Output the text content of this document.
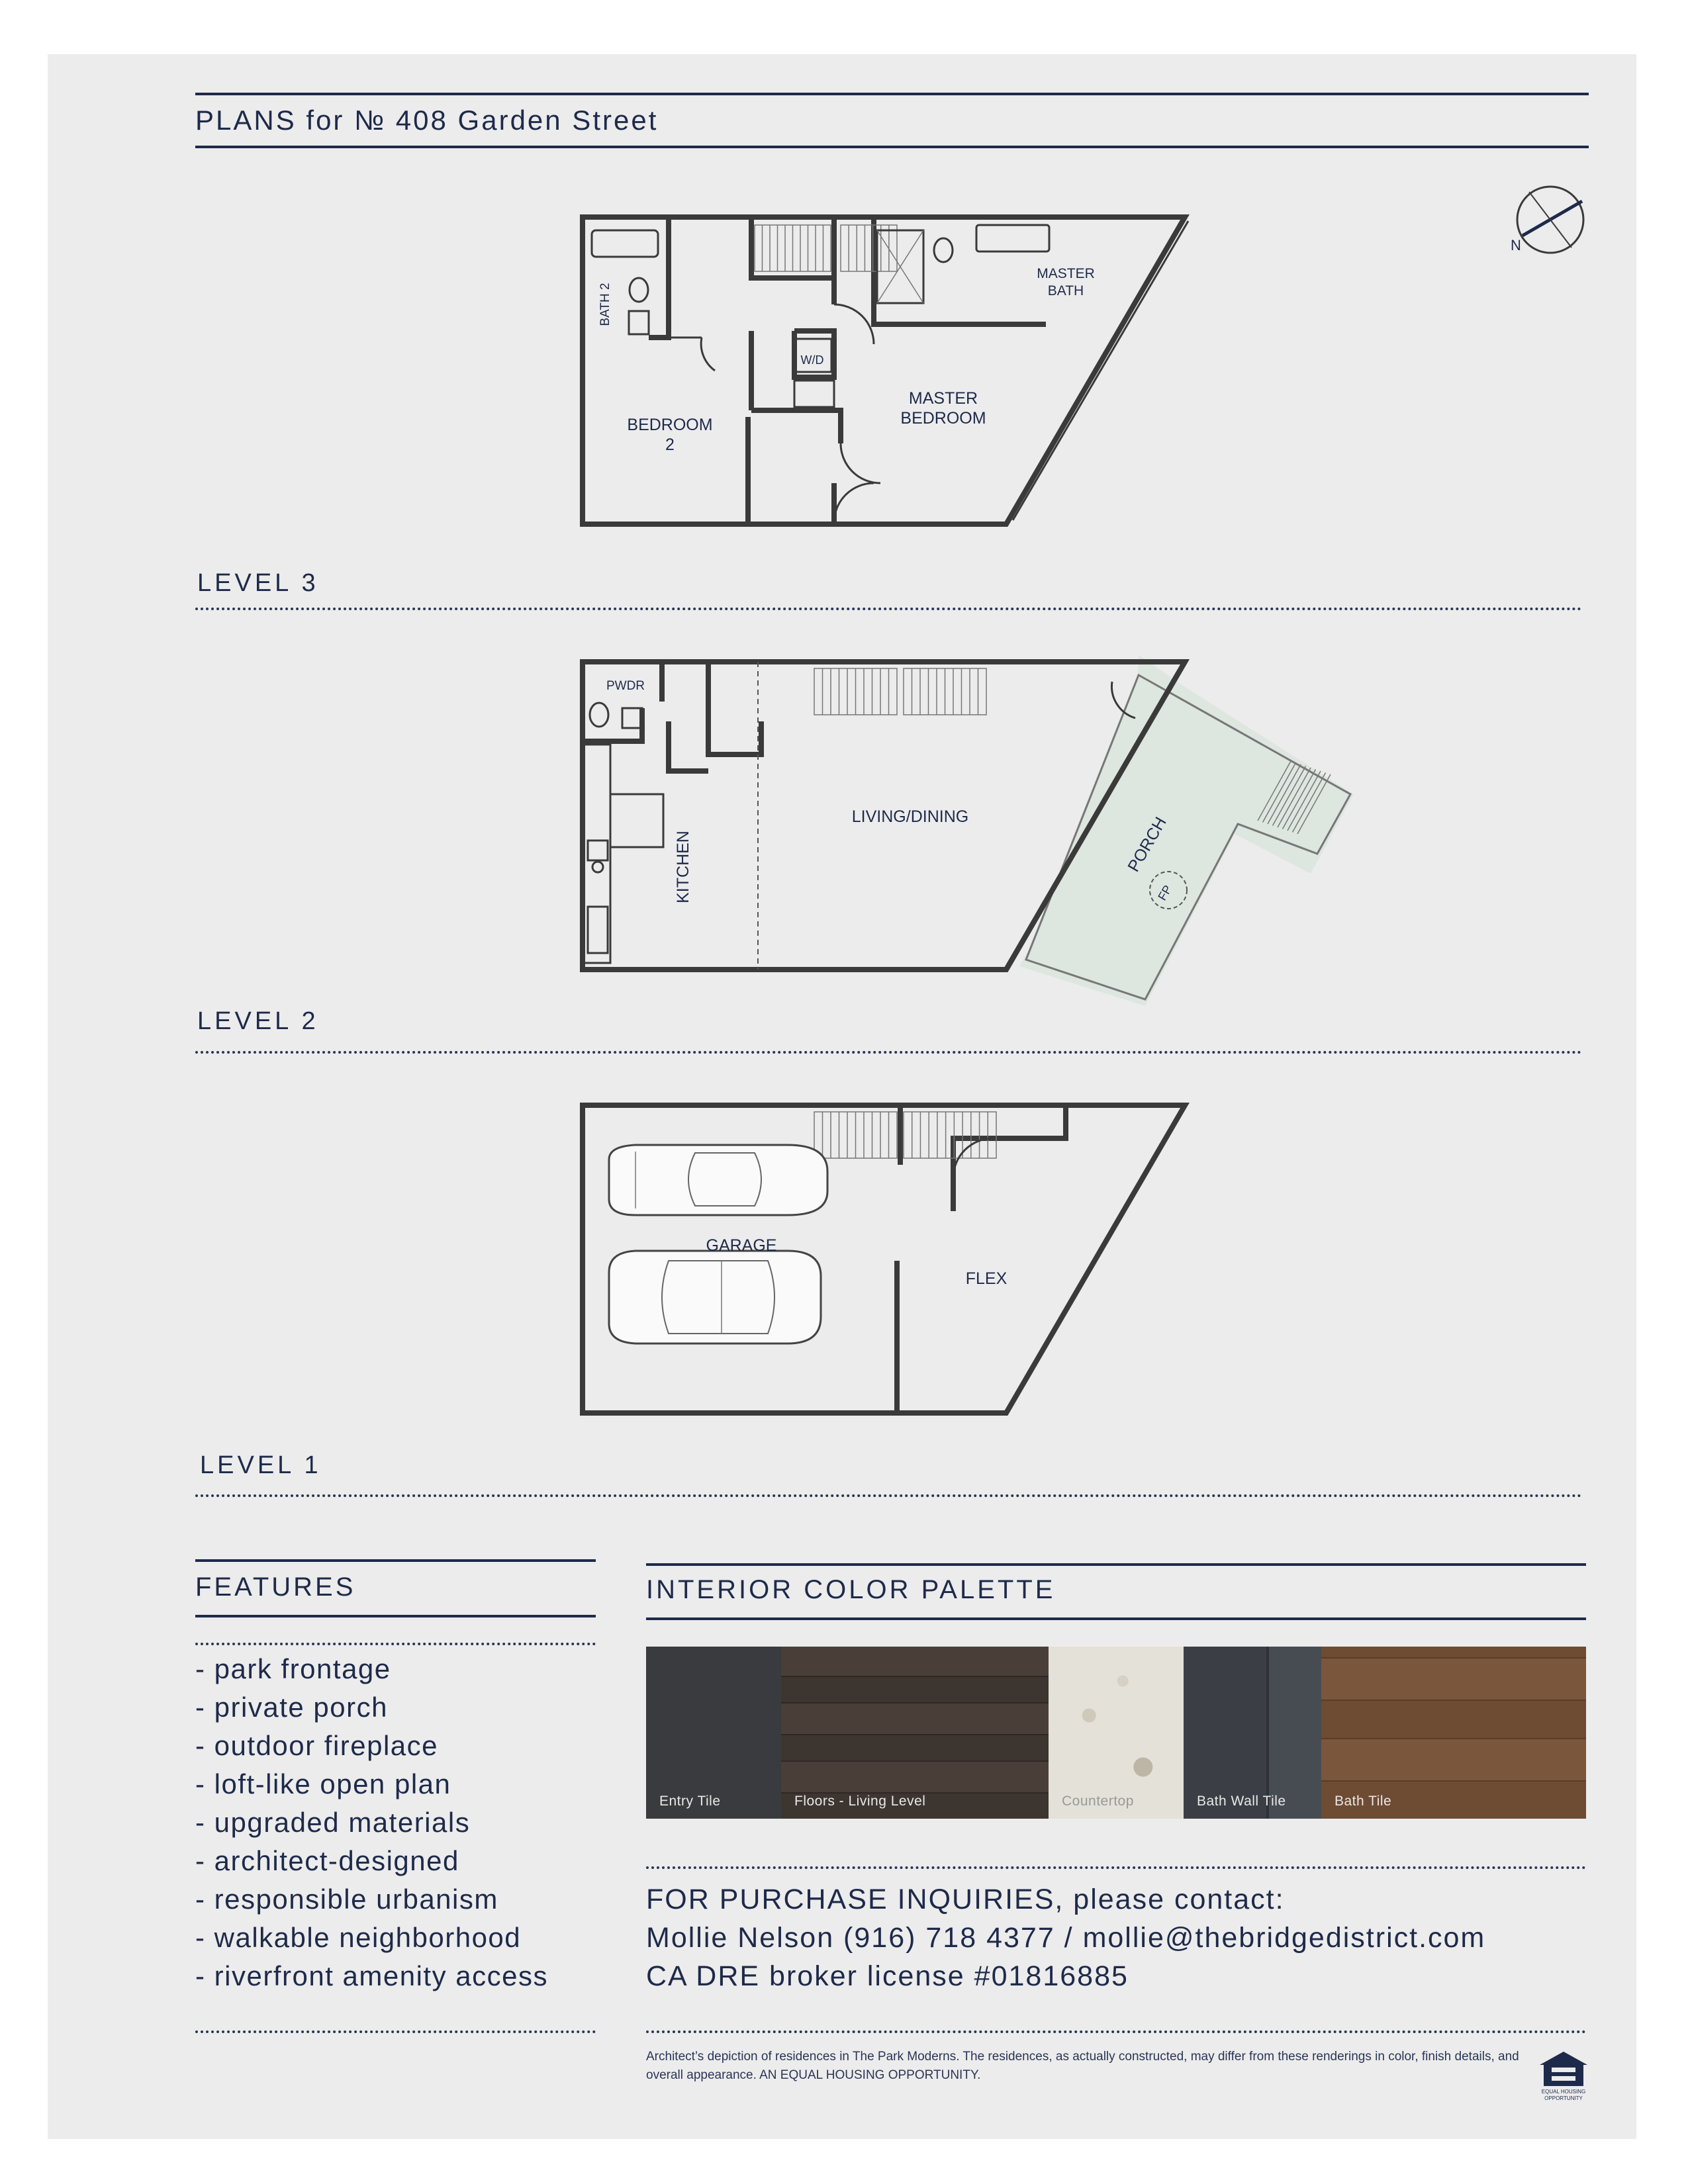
PLANS for № 408 Garden Street
N
MASTER
BATH
BATH 2
W/D
MASTER
BEDROOM
BEDROOM
2
LEVEL 3
PWDR
LIVING/DINING
KITCHEN	PORCH
FP
LEVEL 2
GARAGE
FLEX
LEVEL 1
FEATURES
- park frontage
- private porch
- outdoor fireplace
- loft-like open plan
- upgraded materials
- architect-designed
- responsible urbanism
- walkable neighborhood
- riverfront amenity access
INTERIOR COLOR PALETTE
Entry Tile	Floors - Living Level	Countertop	Bath Wall Tile	Bath Tile
FOR PURCHASE INQUIRIES, please contact:
Mollie Nelson (916) 718 4377 / mollie@thebridgedistrict.com
CA DRE broker license #01816885
Architect’s depiction of residences in The Park Moderns. The residences, as actually constructed, may differ from these renderings in color, finish details, and overall appearance. AN EQUAL HOUSING OPPORTUNITY.
EQUAL HOUSING
OPPORTUNITY
